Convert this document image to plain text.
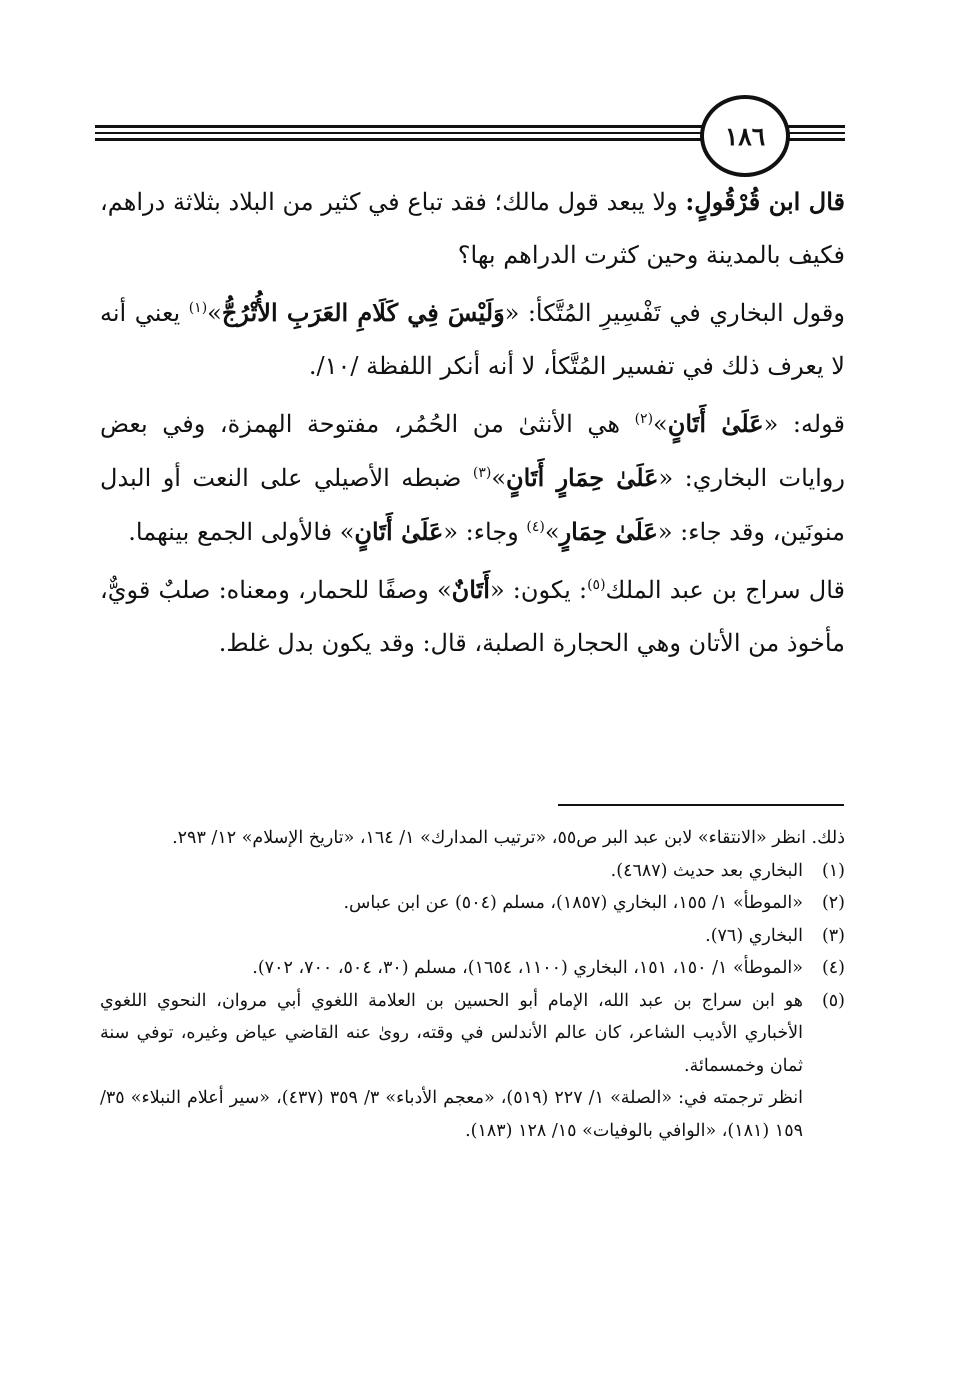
١٨٦

قال ابن قُرْقُولٍ: ولا يبعد قول مالك؛ فقد تباع في كثير من البلاد بثلاثة دراهم، فكيف بالمدينة وحين كثرت الدراهم بها؟

وقول البخاري في تَفْسِيرِ المُتَّكأ: «وَلَيْسَ فِي كَلَامِ العَرَبِ الأُتْرُجُّ»$^{(١)}$ يعني أنه لا يعرف ذلك في تفسير المُتَّكأ، لا أنه أنكر اللفظة /١٠/.

قوله: «عَلَىٰ أَتَانٍ»$^{(٢)}$ هي الأنثىٰ من الحُمُر، مفتوحة الهمزة، وفي بعض روايات البخاري: «عَلَىٰ حِمَارٍ أَتَانٍ»$^{(٣)}$ ضبطه الأصيلي على النعت أو البدل منونَين، وقد جاء: «عَلَىٰ حِمَارٍ»$^{(٤)}$ وجاء: «عَلَىٰ أَتَانٍ» فالأولى الجمع بينهما.

قال سراج بن عبد الملك$^{(٥)}$: يكون: «أَتَانٌ» وصفًا للحمار، ومعناه: صلبٌ قويٌّ، مأخوذ من الأتان وهي الحجارة الصلبة، قال: وقد يكون بدل غلط.

ذلك. انظر «الانتقاء» لابن عبد البر ص٥٥، «ترتيب المدارك» ١/ ١٦٤، «تاريخ الإسلام» ١٢/ ٢٩٣.

(١)
البخاري بعد حديث (٤٦٨٧).
(٢)
«الموطأ» ١/ ١٥٥، البخاري (١٨٥٧)، مسلم (٥٠٤) عن ابن عباس.
(٣)
البخاري (٧٦).
(٤)
«الموطأ» ١/ ١٥٠، ١٥١، البخاري (١١٠٠، ١٦٥٤)، مسلم (٣٠، ٥٠٤، ٧٠٠، ٧٠٢).
(٥)
هو ابن سراج بن عبد الله، الإمام أبو الحسين بن العلامة اللغوي أبي مروان، النحوي اللغوي الأخباري الأديب الشاعر، كان عالم الأندلس في وقته، روىٰ عنه القاضي عياض وغيره، توفي سنة ثمان وخمسمائة.
انظر ترجمته في: «الصلة» ١/ ٢٢٧ (٥١٩)، «معجم الأدباء» ٣/ ٣٥٩ (٤٣٧)، «سير أعلام النبلاء» ٣٥/ ١٥٩ (١٨١)، «الوافي بالوفيات» ١٥/ ١٢٨ (١٨٣).
